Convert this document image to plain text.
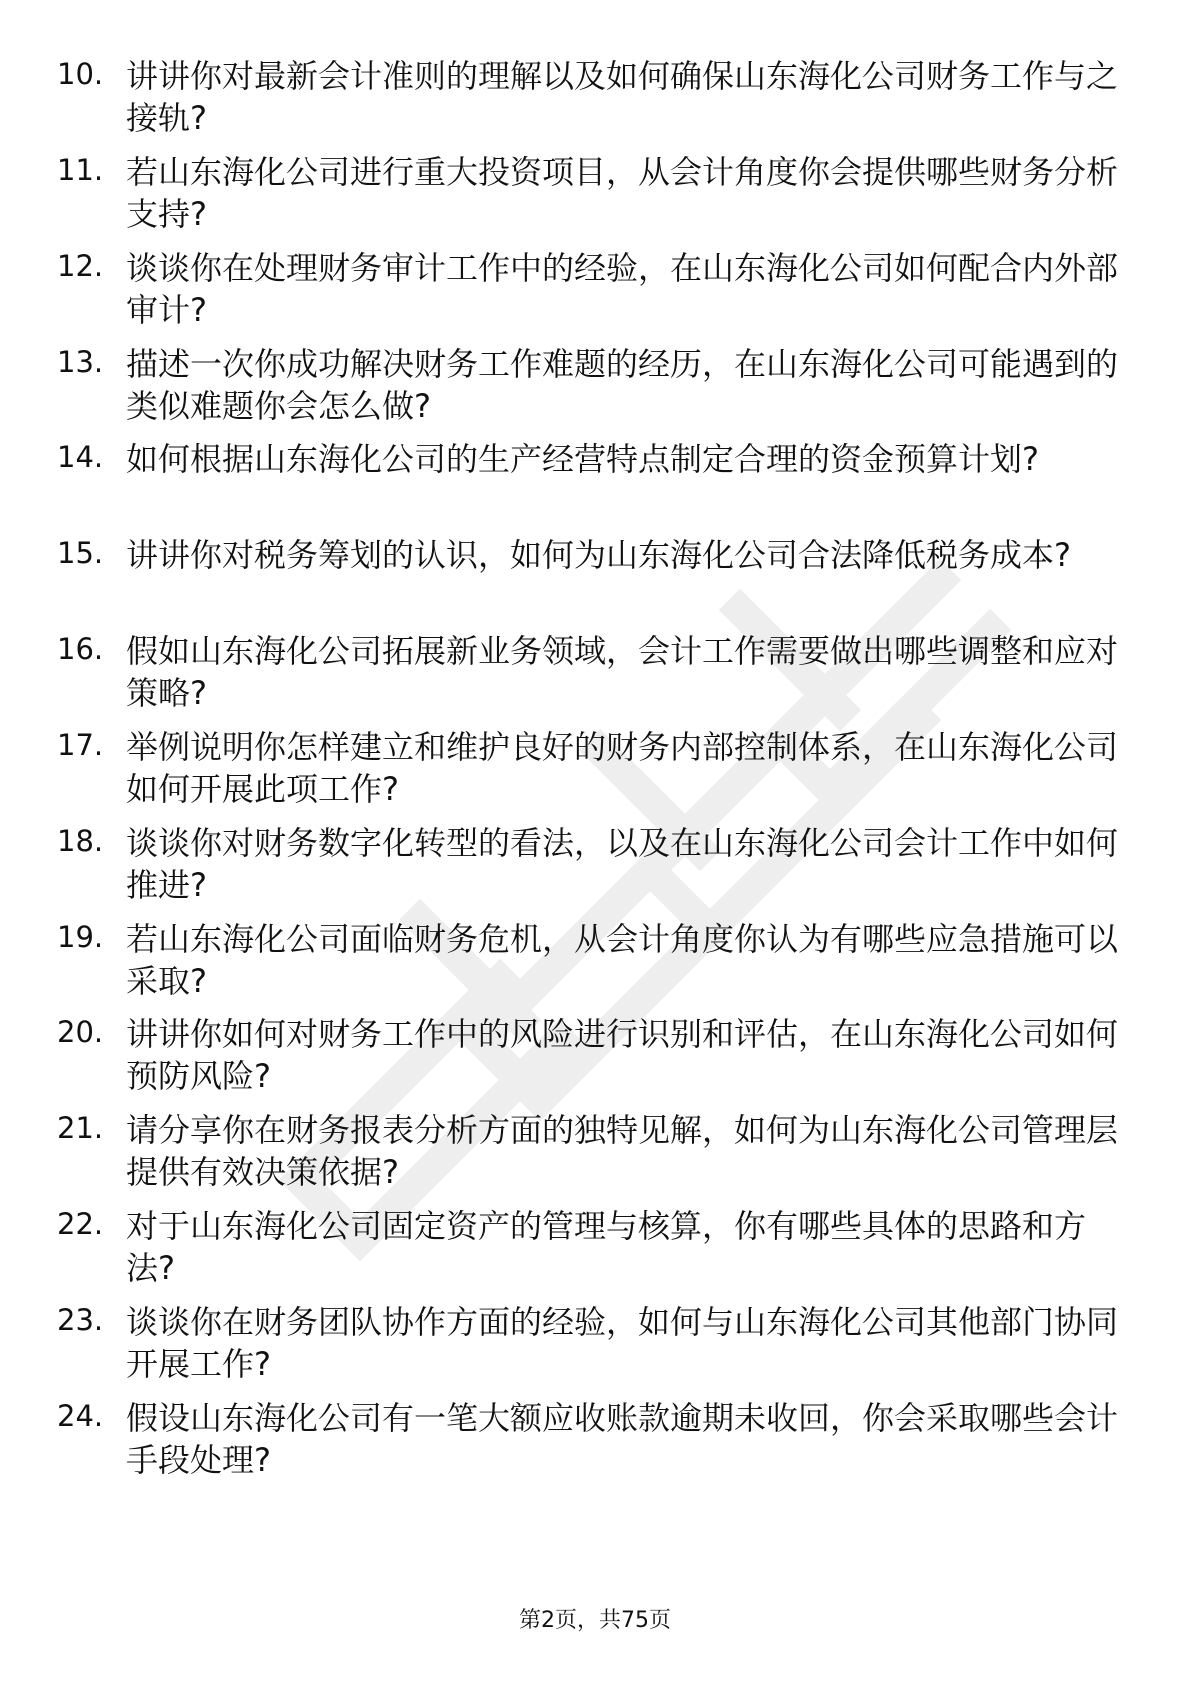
10. 讲讲你对最新会计准则的理解以及如何确保山东海化公司财务工作与之接轨?
11. 若山东海化公司进行重大投资项目，从会计角度你会提供哪些财务分析支持?
12. 谈谈你在处理财务审计工作中的经验，在山东海化公司如何配合内外部审计?
13. 描述一次你成功解决财务工作难题的经历，在山东海化公司可能遇到的类似难题你会怎么做?
14. 如何根据山东海化公司的生产经营特点制定合理的资金预算计划?
15. 讲讲你对税务筹划的认识，如何为山东海化公司合法降低税务成本?
16. 假如山东海化公司拓展新业务领域，会计工作需要做出哪些调整和应对策略?
17. 举例说明你怎样建立和维护良好的财务内部控制体系，在山东海化公司如何开展此项工作?
18. 谈谈你对财务数字化转型的看法，以及在山东海化公司会计工作中如何推进?
19. 若山东海化公司面临财务危机，从会计角度你认为有哪些应急措施可以采取?
20. 讲讲你如何对财务工作中的风险进行识别和评估，在山东海化公司如何预防风险?
21. 请分享你在财务报表分析方面的独特见解，如何为山东海化公司管理层提供有效决策依据?
22. 对于山东海化公司固定资产的管理与核算，你有哪些具体的思路和方法?
23. 谈谈你在财务团队协作方面的经验，如何与山东海化公司其他部门协同开展工作?
24. 假设山东海化公司有一笔大额应收账款逾期未收回，你会采取哪些会计手段处理?
第2页，共75页
